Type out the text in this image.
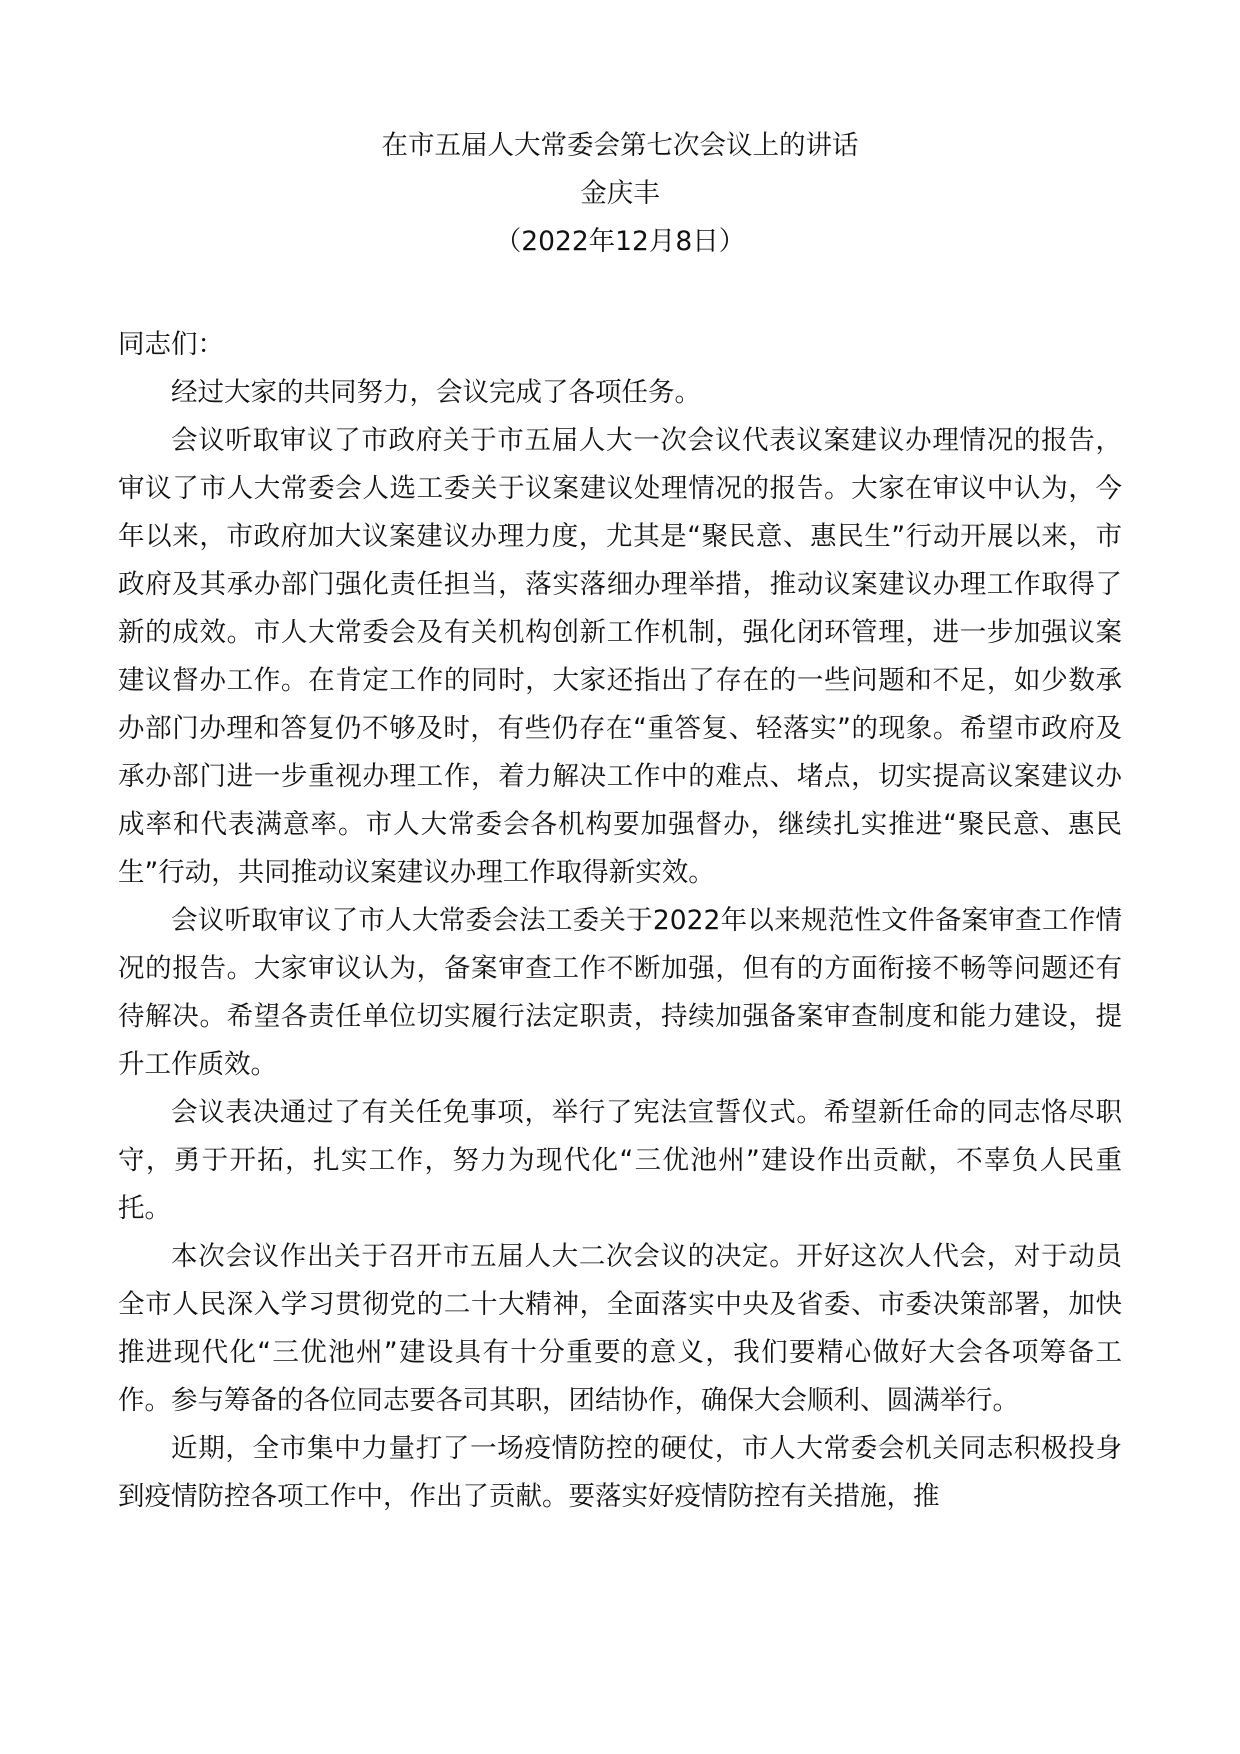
在市五届人大常委会第七次会议上的讲话
金庆丰
（2022年12月8日）
同志们：

经过大家的共同努力，会议完成了各项任务。

会议听取审议了市政府关于市五届人大一次会议代表议案建议办理情况的报告，审议了市人大常委会人选工委关于议案建议处理情况的报告。大家在审议中认为，今年以来，市政府加大议案建议办理力度，尤其是“聚民意、惠民生”行动开展以来，市政府及其承办部门强化责任担当，落实落细办理举措，推动议案建议办理工作取得了新的成效。市人大常委会及有关机构创新工作机制，强化闭环管理，进一步加强议案建议督办工作。在肯定工作的同时，大家还指出了存在的一些问题和不足，如少数承办部门办理和答复仍不够及时，有些仍存在“重答复、轻落实”的现象。希望市政府及承办部门进一步重视办理工作，着力解决工作中的难点、堵点，切实提高议案建议办成率和代表满意率。市人大常委会各机构要加强督办，继续扎实推进“聚民意、惠民生”行动，共同推动议案建议办理工作取得新实效。

会议听取审议了市人大常委会法工委关于2022年以来规范性文件备案审查工作情况的报告。大家审议认为，备案审查工作不断加强，但有的方面衔接不畅等问题还有待解决。希望各责任单位切实履行法定职责，持续加强备案审查制度和能力建设，提升工作质效。

会议表决通过了有关任免事项，举行了宪法宣誓仪式。希望新任命的同志恪尽职守，勇于开拓，扎实工作，努力为现代化“三优池州”建设作出贡献，不辜负人民重托。

本次会议作出关于召开市五届人大二次会议的决定。开好这次人代会，对于动员全市人民深入学习贯彻党的二十大精神，全面落实中央及省委、市委决策部署，加快推进现代化“三优池州”建设具有十分重要的意义，我们要精心做好大会各项筹备工作。参与筹备的各位同志要各司其职，团结协作，确保大会顺利、圆满举行。

近期，全市集中力量打了一场疫情防控的硬仗，市人大常委会机关同志积极投身到疫情防控各项工作中，作出了贡献。要落实好疫情防控有关措施，推
